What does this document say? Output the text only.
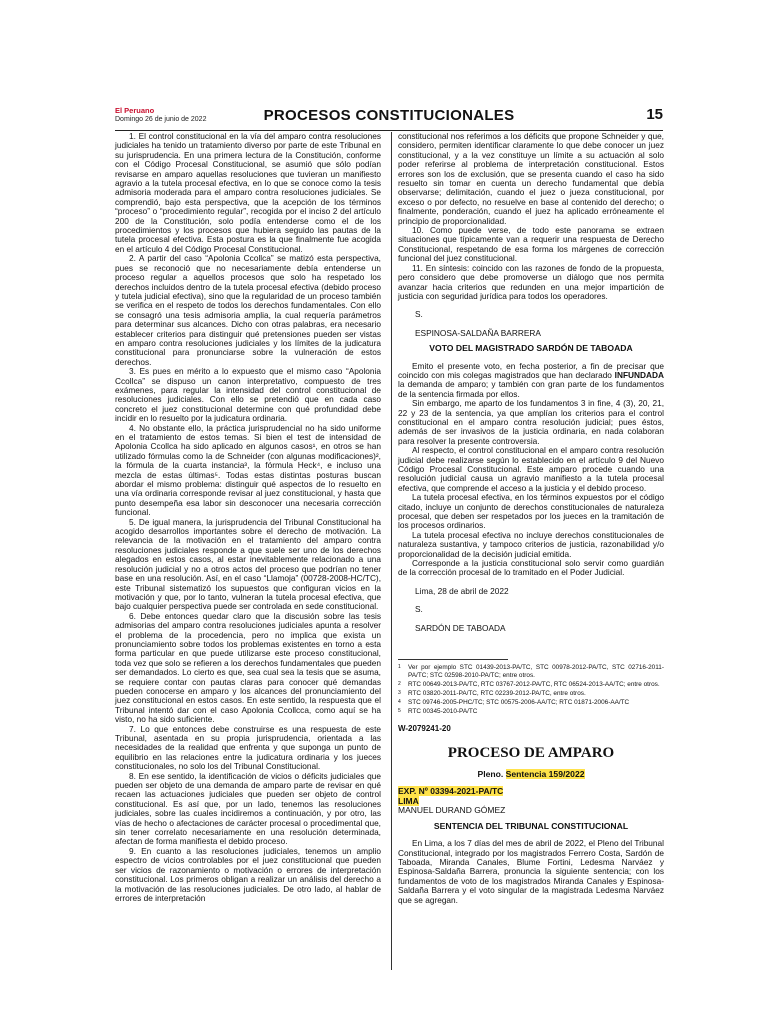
El Peruano
Domingo 26 de junio de 2022	PROCESOS CONSTITUCIONALES	15

1. El control constitucional en la vía del amparo contra resoluciones judiciales ha tenido un tratamiento diverso por parte de este Tribunal en su jurisprudencia. En una primera lectura de la Constitución, conforme con el Código Procesal Constitucional, se asumió que sólo podían revisarse en amparo aquellas resoluciones que tuvieran un manifiesto agravio a la tutela procesal efectiva, en lo que se conoce como la tesis admisoria moderada para el amparo contra resoluciones judiciales. Se comprendió, bajo esta perspectiva, que la acepción de los términos “proceso” o “procedimiento regular”, recogida por el inciso 2 del artículo 200 de la Constitución, solo podía entenderse como el de los procedimientos y los procesos que hubiera seguido las pautas de la tutela procesal efectiva. Esta postura es la que finalmente fue acogida en el artículo 4 del Código Procesal Constitucional.

2. A partir del caso “Apolonia Ccollca” se matizó esta perspectiva, pues se reconoció que no necesariamente debía entenderse un proceso regular a aquellos procesos que solo ha respetado los derechos incluidos dentro de la tutela procesal efectiva (debido proceso y tutela judicial efectiva), sino que la regularidad de un proceso también se verifica en el respeto de todos los derechos fundamentales. Con ello se consagró una tesis admisoria amplia, la cual requería parámetros para determinar sus alcances. Dicho con otras palabras, era necesario establecer criterios para distinguir qué pretensiones pueden ser vistas en amparo contra resoluciones judiciales y los límites de la judicatura constitucional para pronunciarse sobre la vulneración de estos derechos.

3. Es pues en mérito a lo expuesto que el mismo caso “Apolonia Ccollca” se dispuso un canon interpretativo, compuesto de tres exámenes, para regular la intensidad del control constitucional de resoluciones judiciales. Con ello se pretendió que en cada caso concreto el juez constitucional determine con qué profundidad debe incidir en lo resuelto por la judicatura ordinaria.

4. No obstante ello, la práctica jurisprudencial no ha sido uniforme en el tratamiento de estos temas. Si bien el test de intensidad de Apolonia Ccollca ha sido aplicado en algunos casos¹, en otros se han utilizado fórmulas como la de Schneider (con algunas modificaciones)², la fórmula de la cuarta instancia³, la fórmula Heck⁴, e incluso una mezcla de estas últimas⁵. Todas estas distintas posturas buscan abordar el mismo problema: distinguir qué aspectos de lo resuelto en una vía ordinaria corresponde revisar al juez constitucional, y hasta que punto desempeña esa labor sin desconocer una necesaria corrección funcional.

5. De igual manera, la jurisprudencia del Tribunal Constitucional ha acogido desarrollos importantes sobre el derecho de motivación. La relevancia de la motivación en el tratamiento del amparo contra resoluciones judiciales responde a que suele ser uno de los derechos alegados en estos casos, al estar inevitablemente relacionado a una resolución judicial y no a otros actos del proceso que podrían no tener base en una resolución. Así, en el caso “Llamoja” (00728-2008-HC/TC), este Tribunal sistematizó los supuestos que configuran vicios en la motivación y que, por lo tanto, vulneran la tutela procesal efectiva, que bajo cualquier perspectiva puede ser controlada en sede constitucional.

6. Debe entonces quedar claro que la discusión sobre las tesis admisorias del amparo contra resoluciones judiciales apunta a resolver el problema de la procedencia, pero no implica que exista un pronunciamiento sobre todos los problemas existentes en torno a esta forma particular en que puede utilizarse este proceso constitucional, toda vez que solo se refieren a los derechos fundamentales que pueden ser demandados. Lo cierto es que, sea cual sea la tesis que se asuma, se requiere contar con pautas claras para conocer qué demandas pueden conocerse en amparo y los alcances del pronunciamiento del juez constitucional en estos casos. En este sentido, la respuesta que el Tribunal intentó dar con el caso Apolonia Ccollcca, como aquí se ha visto, no ha sido suficiente.

7. Lo que entonces debe construirse es una respuesta de este Tribunal, asentada en su propia jurisprudencia, orientada a las necesidades de la realidad que enfrenta y que suponga un punto de equilibrio en las relaciones entre la judicatura ordinaria y los jueces constitucionales, no solo los del Tribunal Constitucional.

8. En ese sentido, la identificación de vicios o déficits judiciales que pueden ser objeto de una demanda de amparo parte de revisar en qué recaen las actuaciones judiciales que pueden ser objeto de control constitucional. Es así que, por un lado, tenemos las resoluciones judiciales, sobre las cuales incidiremos a continuación, y por otro, las vías de hecho o afectaciones de carácter procesal o procedimental que, sin tener correlato necesariamente en una resolución determinada, afectan de forma manifiesta el debido proceso.

9. En cuanto a las resoluciones judiciales, tenemos un amplio espectro de vicios controlables por el juez constitucional que pueden ser vicios de razonamiento o motivación o errores de interpretación constitucional. Los primeros obligan a realizar un análisis del derecho a la motivación de las resoluciones judiciales. De otro lado, al hablar de errores de interpretación

constitucional nos referimos a los déficits que propone Schneider y que, considero, permiten identificar claramente lo que debe conocer un juez constitucional, y a la vez constituye un límite a su actuación al solo poder referirse al problema de interpretación constitucional. Estos errores son los de exclusión, que se presenta cuando el caso ha sido resuelto sin tomar en cuenta un derecho fundamental que debía observarse; delimitación, cuando el juez o jueza constitucional, por exceso o por defecto, no resuelve en base al contenido del derecho; o finalmente, ponderación, cuando el juez ha aplicado erróneamente el principio de proporcionalidad.

10. Como puede verse, de todo este panorama se extraen situaciones que típicamente van a requerir una respuesta de Derecho Constitucional, respetando de esa forma los márgenes de corrección funcional del juez constitucional.

11. En síntesis: coincido con las razones de fondo de la propuesta, pero considero que debe promoverse un diálogo que nos permita avanzar hacia criterios que redunden en una mejor impartición de justicia con seguridad jurídica para todos los operadores.

S.

ESPINOSA-SALDAÑA BARRERA

VOTO DEL MAGISTRADO SARDÓN DE TABOADA

Emito el presente voto, en fecha posterior, a fin de precisar que coincido con mis colegas magistrados que han declarado INFUNDADA la demanda de amparo; y también con gran parte de los fundamentos de la sentencia firmada por ellos.

Sin embargo, me aparto de los fundamentos 3 in fine, 4 (3), 20, 21, 22 y 23 de la sentencia, ya que amplían los criterios para el control constitucional en el amparo contra resolución judicial; pues éstos, además de ser invasivos de la justicia ordinaria, en nada colaboran para resolver la presente controversia.

Al respecto, el control constitucional en el amparo contra resolución judicial debe realizarse según lo establecido en el artículo 9 del Nuevo Código Procesal Constitucional. Este amparo procede cuando una resolución judicial causa un agravio manifiesto a la tutela procesal efectiva, que comprende el acceso a la justicia y el debido proceso.

La tutela procesal efectiva, en los términos expuestos por el código citado, incluye un conjunto de derechos constitucionales de naturaleza procesal, que deben ser respetados por los jueces en la tramitación de los procesos ordinarios.

La tutela procesal efectiva no incluye derechos constitucionales de naturaleza sustantiva, y tampoco criterios de justicia, razonabilidad y/o proporcionalidad de la decisión judicial emitida.

Corresponde a la justicia constitucional solo servir como guardián de la corrección procesal de lo tramitado en el Poder Judicial.

Lima, 28 de abril de 2022

S.

SARDÓN DE TABOADA

1 Ver por ejemplo STC 01439-2013-PA/TC, STC 00978-2012-PA/TC, STC 02716-2011-PA/TC; STC 02598-2010-PA/TC; entre otros.

2 RTC 00649-2013-PA/TC, RTC 03767-2012-PA/TC, RTC 06524-2013-AA/TC; entre otros.

3 RTC 03820-2011-PA/TC, RTC 02239-2012-PA/TC, entre otros.

4 STC 09746-2005-PHC/TC; STC 00575-2006-AA/TC; RTC 01871-2006-AA/TC

5 RTC 00345-2010-PA/TC

W-2079241-20

PROCESO DE AMPARO

Pleno. Sentencia 159/2022

EXP. Nº 03394-2021-PA/TC

LIMA

MANUEL DURAND GÓMEZ

SENTENCIA DEL TRIBUNAL CONSTITUCIONAL

En Lima, a los 7 días del mes de abril de 2022, el Pleno del Tribunal Constitucional, integrado por los magistrados Ferrero Costa, Sardón de Taboada, Miranda Canales, Blume Fortini, Ledesma Narváez y Espinosa-Saldaña Barrera, pronuncia la siguiente sentencia; con los fundamentos de voto de los magistrados Miranda Canales y Espinosa-Saldaña Barrera y el voto singular de la magistrada Ledesma Narváez que se agregan.
